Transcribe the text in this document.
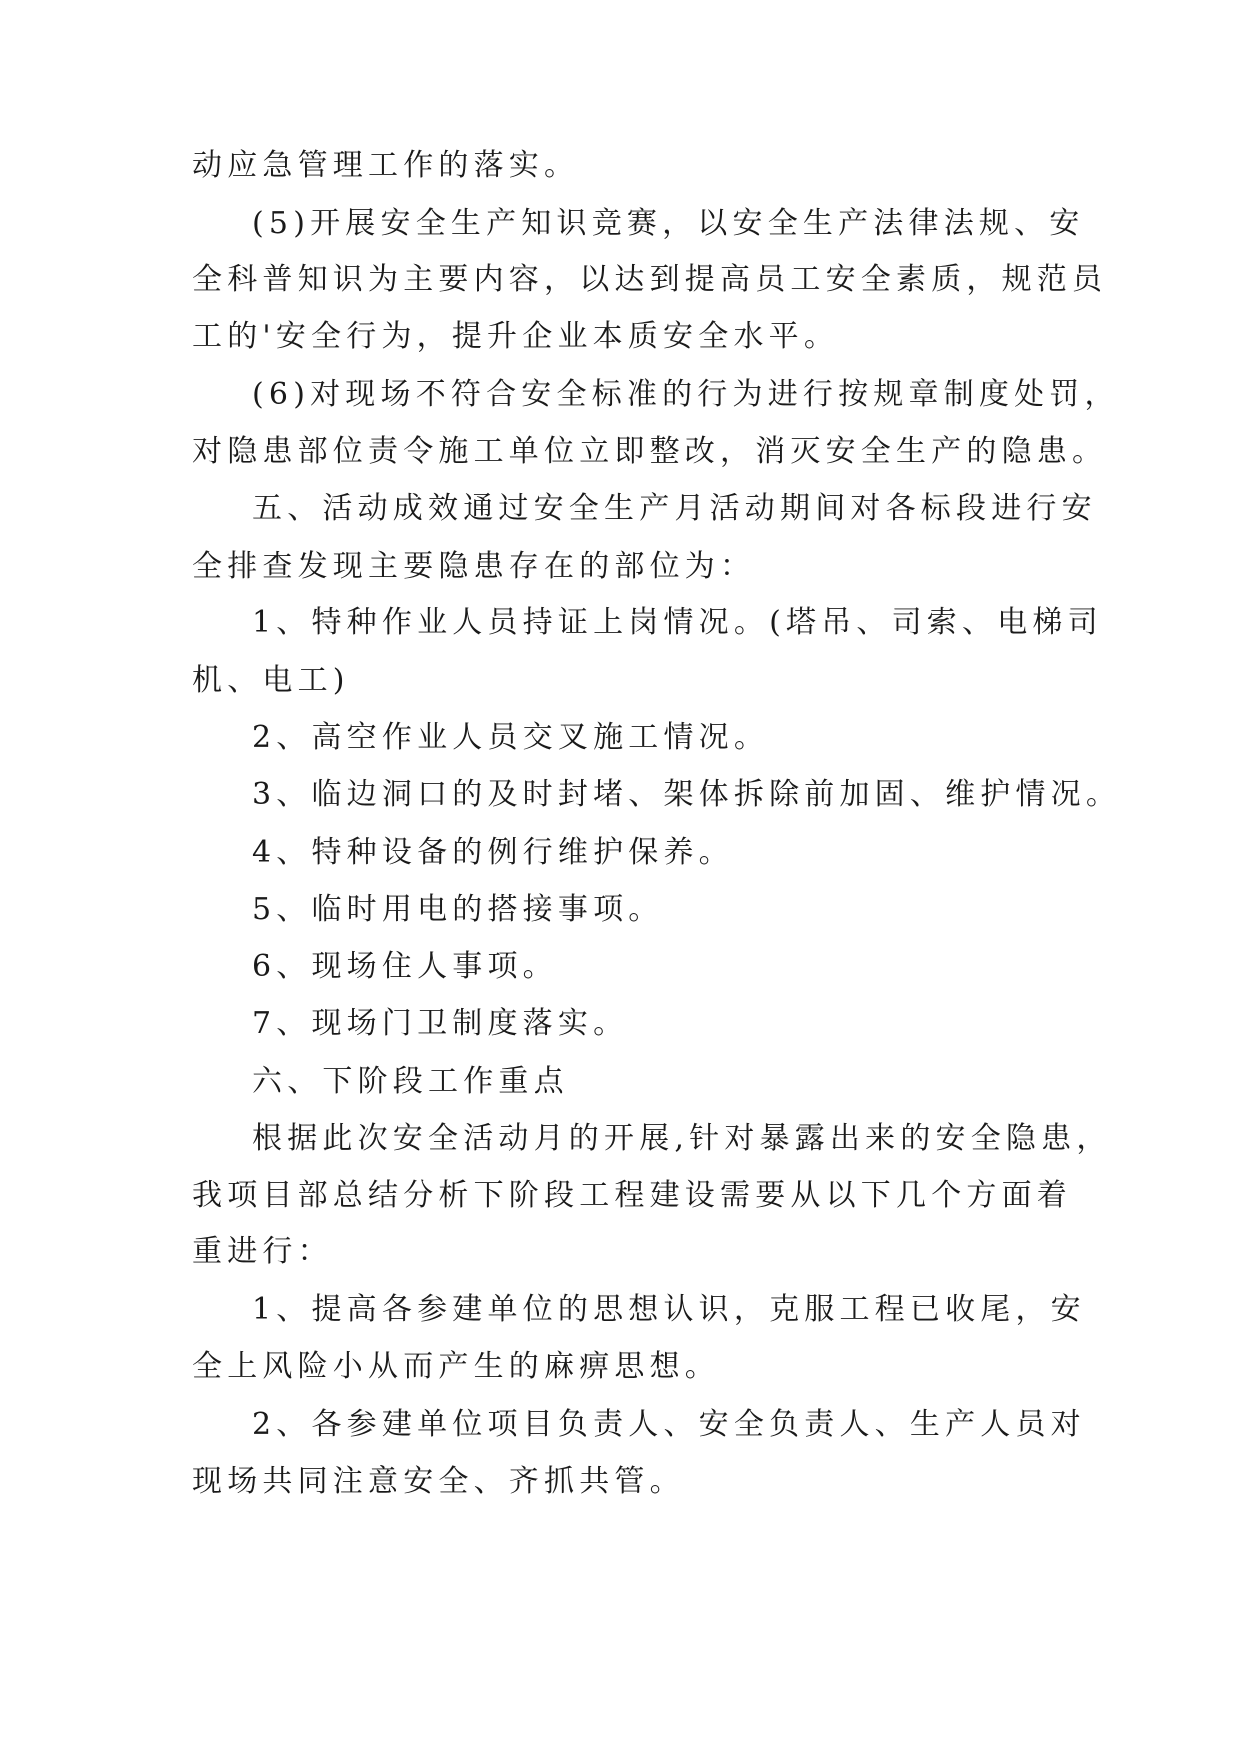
动应急管理工作的落实。
(5)开展安全生产知识竞赛，以安全生产法律法规、安
全科普知识为主要内容，以达到提高员工安全素质，规范员
工的'安全行为，提升企业本质安全水平。
(6)对现场不符合安全标准的行为进行按规章制度处罚，
对隐患部位责令施工单位立即整改，消灭安全生产的隐患。
五、活动成效通过安全生产月活动期间对各标段进行安
全排查发现主要隐患存在的部位为：
1、特种作业人员持证上岗情况。(塔吊、司索、电梯司
机、电工)
2、高空作业人员交叉施工情况。
3、临边洞口的及时封堵、架体拆除前加固、维护情况。
4、特种设备的例行维护保养。
5、临时用电的搭接事项。
6、现场住人事项。
7、现场门卫制度落实。
六、下阶段工作重点
根据此次安全活动月的开展,针对暴露出来的安全隐患，
我项目部总结分析下阶段工程建设需要从以下几个方面着
重进行：
1、提高各参建单位的思想认识，克服工程已收尾，安
全上风险小从而产生的麻痹思想。
2、各参建单位项目负责人、安全负责人、生产人员对
现场共同注意安全、齐抓共管。
